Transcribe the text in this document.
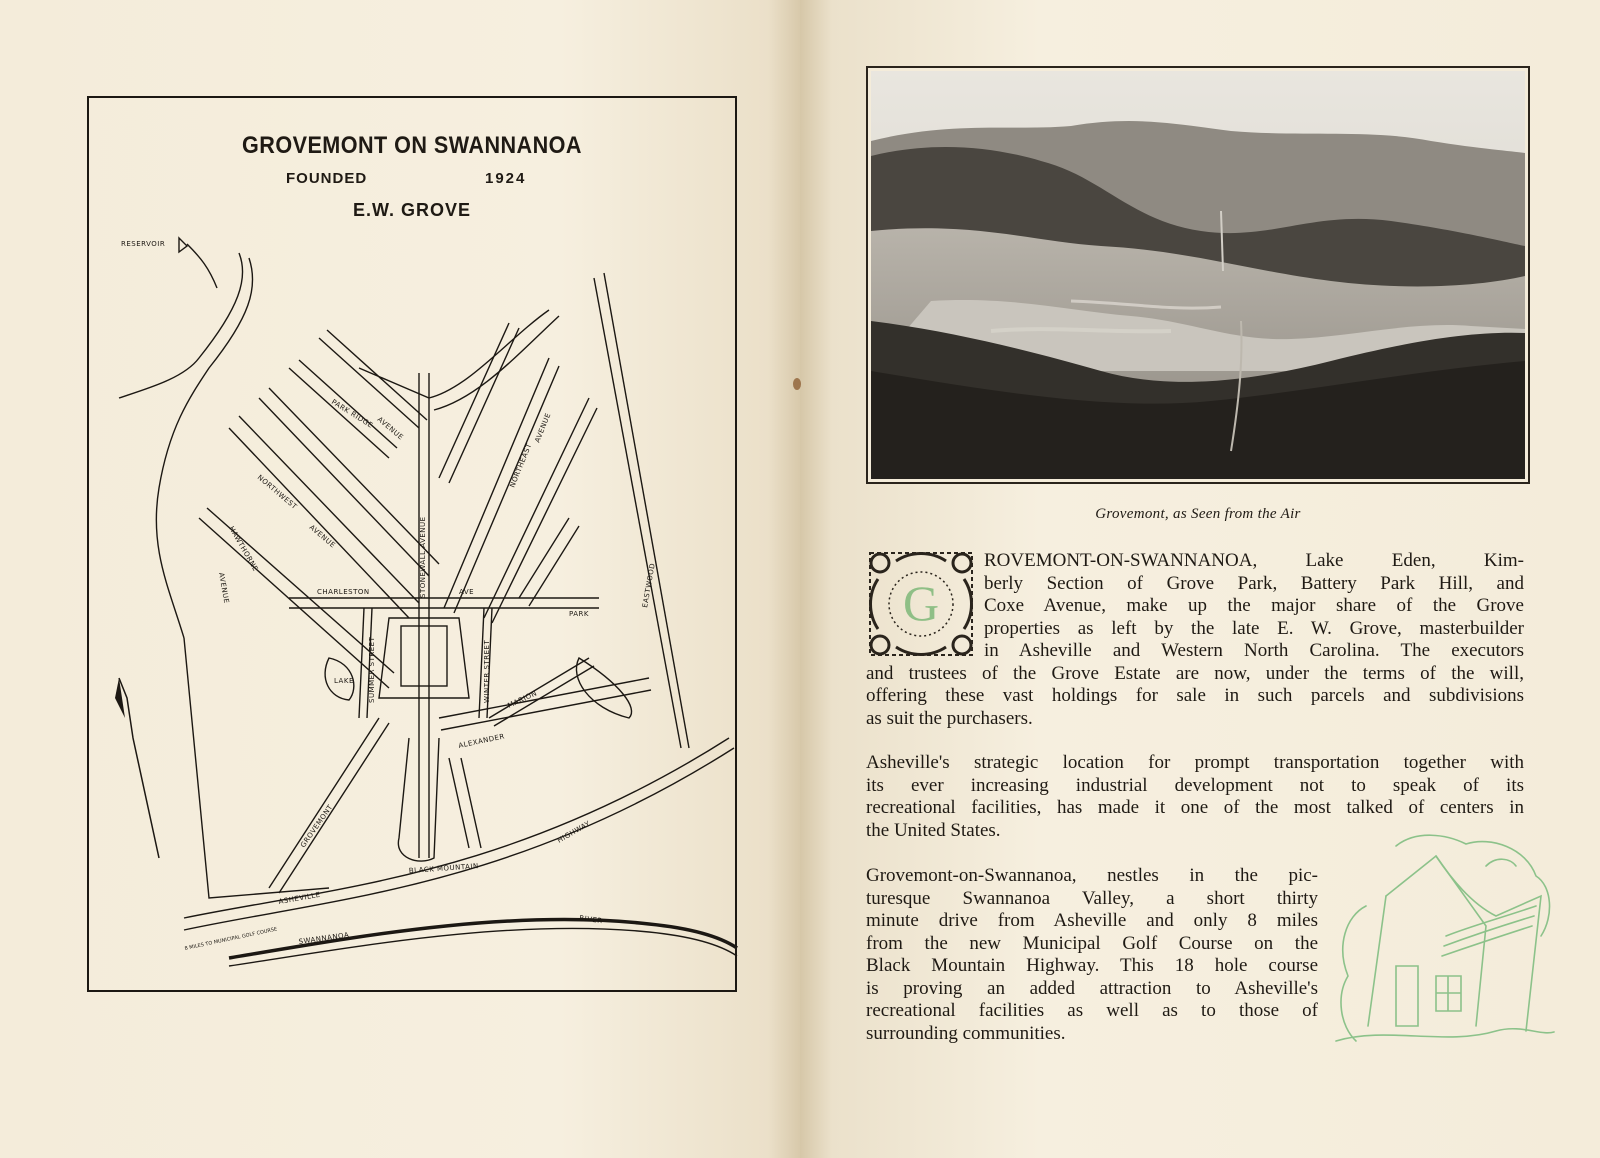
GROVEMONT ON SWANNANOA
FOUNDED	1924
E.W. GROVE
RESERVOIR
PARK RIDGE AVENUE
NORTHWEST
AVENUE
HAWTHORNE
AVENUE
NORTHEAST
AVENUE
CHARLESTON	AVE
STONEWALL AVENUE
SUMMER STREET	WINTER STREET
PARK
MARION
ALEXANDER
LAKE
EASTWOOD
GROVEMONT
BLACK MOUNTAIN
HIGHWAY
ASHEVILLE
SWANNANOA
RIVER
8 MILES TO MUNICIPAL GOLF COURSE
Grovemont, as Seen from the Air
G
ROVEMONT-ON-SWANNANOA, Lake Eden, Kim-
berly Section of Grove Park, Battery Park Hill, and
Coxe Avenue, make up the major share of the Grove
properties as left by the late E. W. Grove, masterbuilder
in Asheville and Western North Carolina. The executors
and trustees of the Grove Estate are now, under the terms of the will,
offering these vast holdings for sale in such parcels and subdivisions
as suit the purchasers.
Asheville's strategic location for prompt transportation together with
its ever increasing industrial development not to speak of its
recreational facilities, has made it one of the most talked of centers in
the United States.
Grovemont-on-Swannanoa, nestles in the pic-
turesque Swannanoa Valley, a short thirty
minute drive from Asheville and only 8 miles
from the new Municipal Golf Course on the
Black Mountain Highway. This 18 hole course
is proving an added attraction to Asheville's
recreational facilities as well as to those of
surrounding communities.
